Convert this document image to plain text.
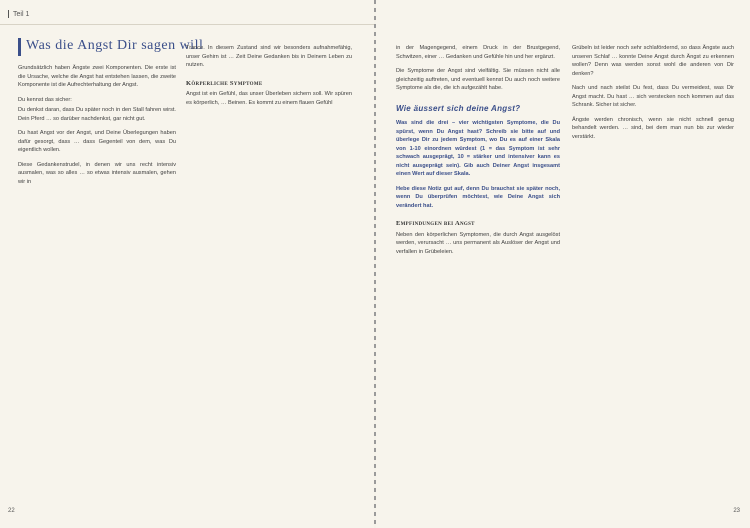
Teil 1
Was die Angst Dir sagen will

Grundsätzlich haben Ängste zwei Komponenten. Die erste ist die Ursache, welche die Angst hat entstehen lassen, die zweite Komponente ist die Aufrechterhaltung der Angst.

Du kennst das sicher:

Du denkst daran, dass Du später noch in den Stall fahren wirst. Dein Pferd … so darüber nachdenkst, gar nicht gut.

Du hast Angst vor der Angst, und Deine Überlegungen haben dafür gesorgt, dass … dass Gegenteil von dem, was Du eigentlich wollen.

Diese Gedankenstrudel, in denen wir uns recht intensiv ausmalen, was so alles … so etwas intensiv ausmalen, gehen wir in

Trance. In diesem Zustand sind wir besonders aufnahmefähig, unser Gehirn ist … Zeit Deine Gedanken bis in Deinem Leben zu nutzen.

Körperliche Symptome

Angst ist ein Gefühl, das unser Überleben sichern soll. Wir spüren es körperlich, … Beinen. Es kommt zu einem flauen Gefühl

22

in der Magengegend, einem Druck in der Brustgegend, Schwitzen, einer … Gedanken und Gefühle hin und her ergänzt.

Die Symptome der Angst sind vielfältig. Sie müssen nicht alle gleichzeitig auftreten, und eventuell kennst Du auch noch weitere Symptome als die, die ich aufgezählt habe.

Wie äussert sich deine Angst?

Was sind die drei – vier wichtigsten Symptome, die Du spürst, wenn Du Angst hast? Schreib sie bitte auf und überlege Dir zu jedem Symptom, wo Du es auf einer Skala von 1-10 einordnen würdest (1 = das Symptom ist sehr schwach ausgeprägt, 10 = stärker und intensiver kann es nicht ausgeprägt sein). Gib auch Deiner Angst insgesamt einen Wert auf dieser Skala.

Hebe diese Notiz gut auf, denn Du brauchst sie später noch, wenn Du überprüfen möchtest, wie Deine Angst sich verändert hat.

Empfindungen bei Angst

Neben den körperlichen Symptomen, die durch Angst ausgelöst werden, verursacht … uns permanent als Auslöser der Angst und verfallen in Grübeleien.

Grübeln ist leider noch sehr schlafördernd, so dass Ängste auch unseren Schlaf … konnte Deine Angst durch Ängst zu erkennen wollen? Denn was werden sonst wohl die anderen von Dir denken?

Nach und nach steilst Du fest, dass Du vermeidest, was Dir Angst macht. Du hast … sich verstecken noch kommen auf das Schrank. Sicher ist sicher.

Ängste werden chronisch, wenn sie nicht schnell genug behandelt werden. … sind, bei dem man nun bis zur wieder verstärkt.

23
